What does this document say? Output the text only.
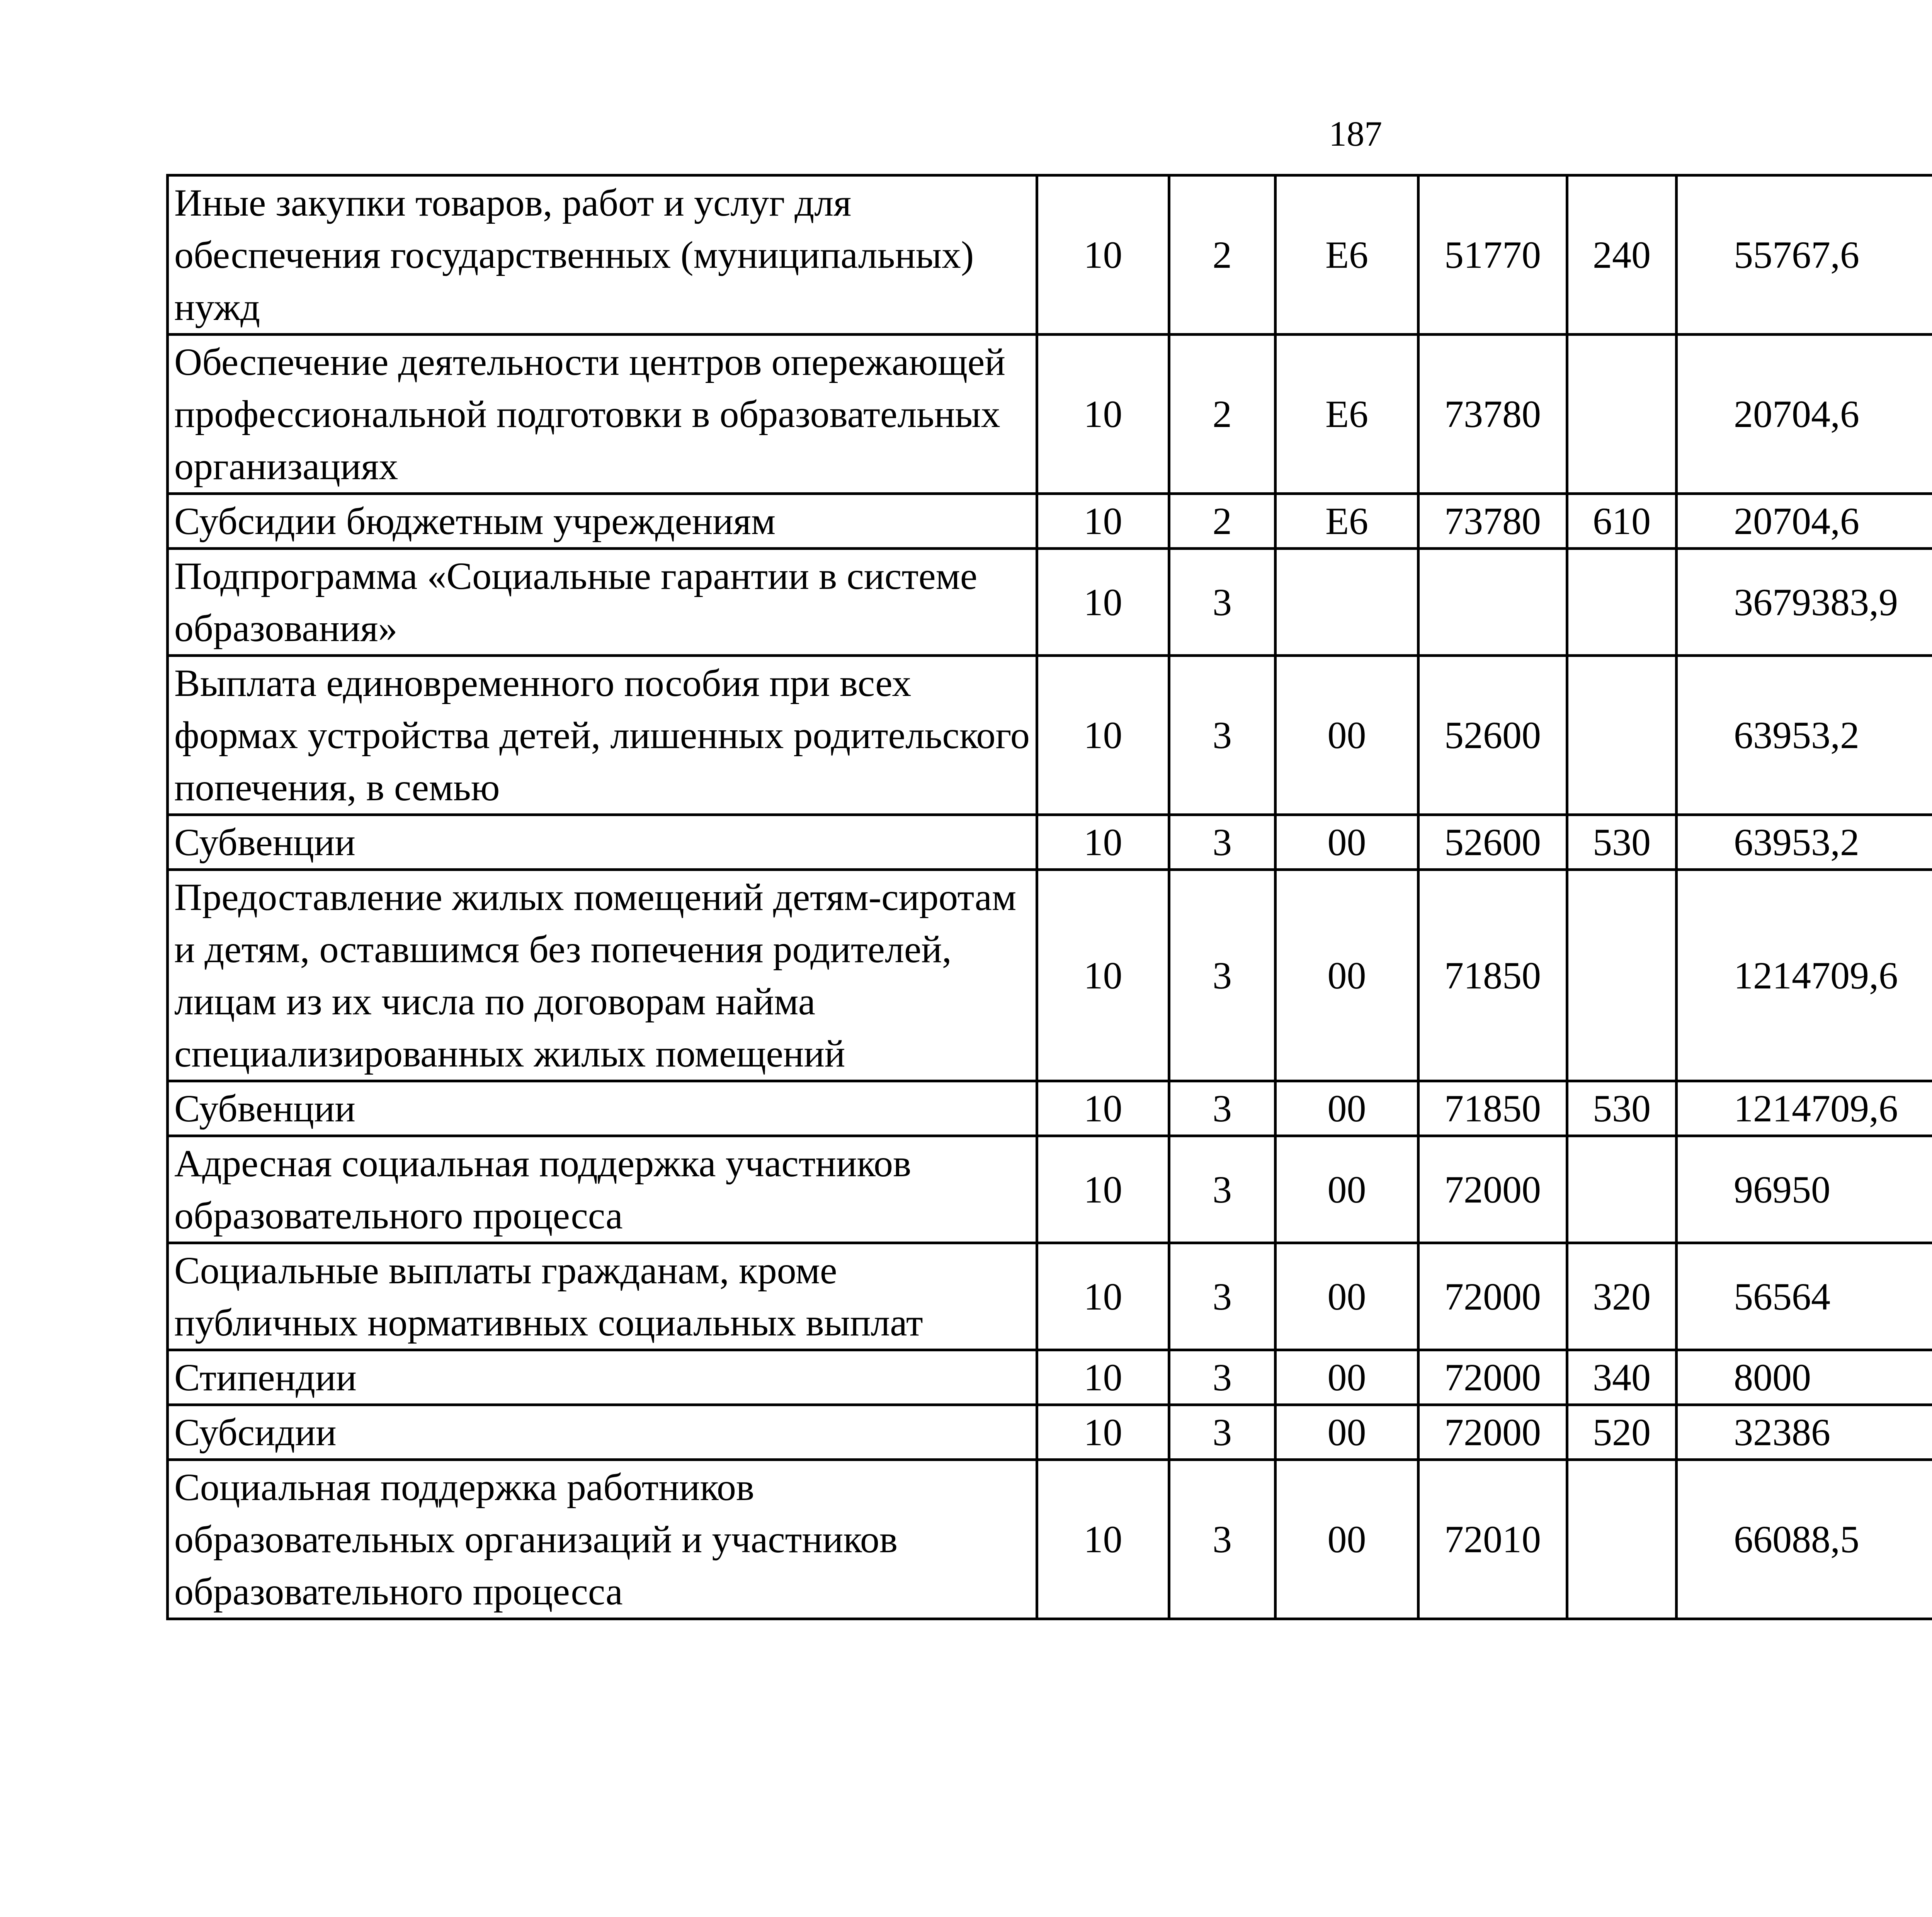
187
Иные закупки товаров, работ и услуг для обеспечения государственных (муниципальных) нужд	10	2	Е6	51770	240	55767,6		
Обеспечение деятельности центров опережающей профессиональной подготовки в образовательных организациях	10	2	Е6	73780		20704,6		
Субсидии бюджетным учреждениям	10	2	Е6	73780	610	20704,6		
Подпрограмма «Социальные гарантии в системе образования»	10	3				3679383,9		
Выплата единовременного пособия при всех формах устройства детей, лишенных родительского попечения, в семью	10	3	00	52600		63953,2		
Субвенции	10	3	00	52600	530	63953,2		
Предоставление жилых помещений детям-сиротам и детям, оставшимся без попечения родителей, лицам из их числа по договорам найма специализированных жилых помещений	10	3	00	71850		1214709,6		
Субвенции	10	3	00	71850	530	1214709,6		
Адресная социальная поддержка участников образовательного процесса	10	3	00	72000		96950		
Социальные выплаты гражданам, кроме публичных нормативных социальных выплат	10	3	00	72000	320	56564		
Стипендии	10	3	00	72000	340	8000		
Субсидии	10	3	00	72000	520	32386		
Социальная поддержка работников образовательных организаций и участников образовательного процесса	10	3	00	72010		66088,5		
